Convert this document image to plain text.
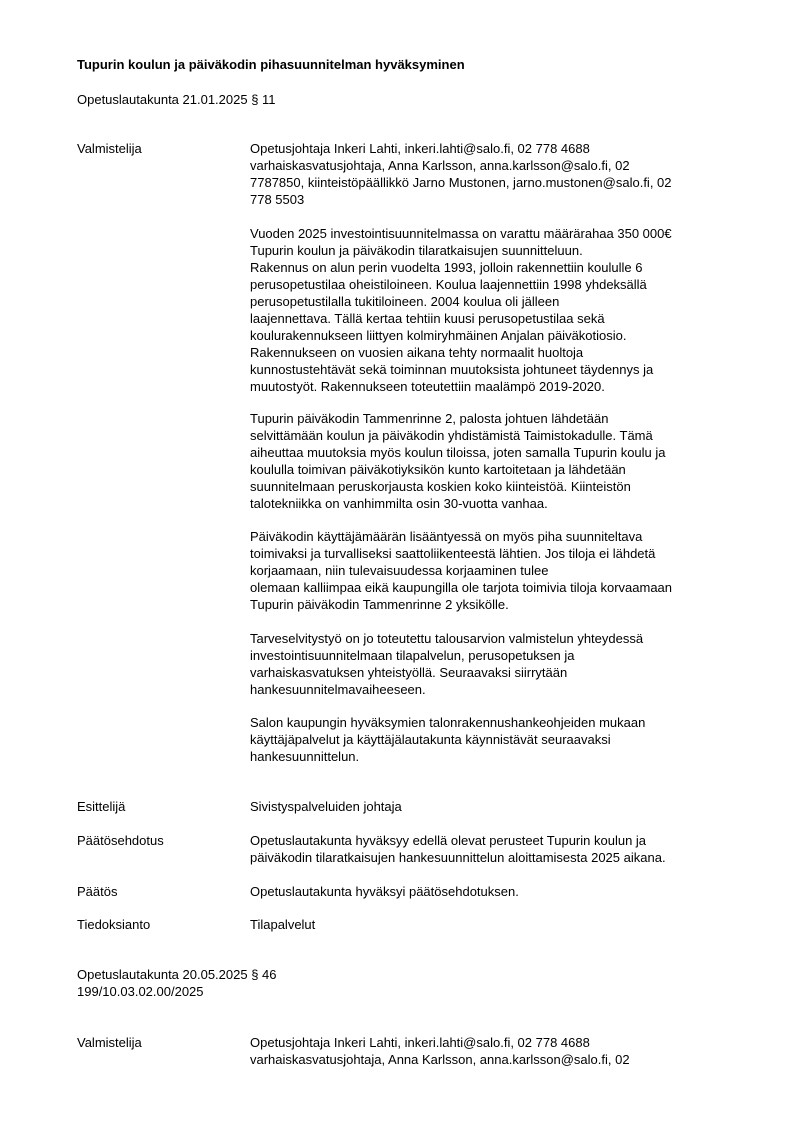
Tupurin koulun ja päiväkodin pihasuunnitelman hyväksyminen

Opetuslautakunta 21.01.2025 § 11

Valmistelija	Opetusjohtaja Inkeri Lahti, inkeri.lahti@salo.fi, 02 778 4688

varhaiskasvatusjohtaja, Anna Karlsson, anna.karlsson@salo.fi, 02

7787850, kiinteistöpäällikkö Jarno Mustonen, jarno.mustonen@salo.fi, 02

778 5503

Vuoden 2025 investointisuunnitelmassa on varattu määrärahaa 350 000€

Tupurin koulun ja päiväkodin tilaratkaisujen suunnitteluun.

Rakennus on alun perin vuodelta 1993, jolloin rakennettiin koululle 6

perusopetustilaa oheistiloineen. Koulua laajennettiin 1998 yhdeksällä

perusopetustilalla tukitiloineen. 2004 koulua oli jälleen

laajennettava. Tällä kertaa tehtiin kuusi perusopetustilaa sekä

koulurakennukseen liittyen kolmiryhmäinen Anjalan päiväkotiosio.

Rakennukseen on vuosien aikana tehty normaalit huoltoja

kunnostustehtävät sekä toiminnan muutoksista johtuneet täydennys ja

muutostyöt. Rakennukseen toteutettiin maalämpö 2019-2020.

Tupurin päiväkodin Tammenrinne 2, palosta johtuen lähdetään

selvittämään koulun ja päiväkodin yhdistämistä Taimistokadulle. Tämä

aiheuttaa muutoksia myös koulun tiloissa, joten samalla Tupurin koulu ja

koululla toimivan päiväkotiyksikön kunto kartoitetaan ja lähdetään

suunnitelmaan peruskorjausta koskien koko kiinteistöä. Kiinteistön

talotekniikka on vanhimmilta osin 30-vuotta vanhaa.

Päiväkodin käyttäjämäärän lisääntyessä on myös piha suunniteltava

toimivaksi ja turvalliseksi saattoliikenteestä lähtien. Jos tiloja ei lähdetä

korjaamaan, niin tulevaisuudessa korjaaminen tulee

olemaan kalliimpaa eikä kaupungilla ole tarjota toimivia tiloja korvaamaan

Tupurin päiväkodin Tammenrinne 2 yksikölle.

Tarveselvitystyö on jo toteutettu talousarvion valmistelun yhteydessä

investointisuunnitelmaan tilapalvelun, perusopetuksen ja

varhaiskasvatuksen yhteistyöllä. Seuraavaksi siirrytään

hankesuunnitelmavaiheeseen.

Salon kaupungin hyväksymien talonrakennushankeohjeiden mukaan

käyttäjäpalvelut ja käyttäjälautakunta käynnistävät seuraavaksi

hankesuunnittelun.

Esittelijä	Sivistyspalveluiden johtaja

Päätösehdotus	Opetuslautakunta hyväksyy edellä olevat perusteet Tupurin koulun ja

päiväkodin tilaratkaisujen hankesuunnittelun aloittamisesta 2025 aikana.

Päätös	Opetuslautakunta hyväksyi päätösehdotuksen.

Tiedoksianto	Tilapalvelut

Opetuslautakunta 20.05.2025 § 46

199/10.03.02.00/2025

Valmistelija	Opetusjohtaja Inkeri Lahti, inkeri.lahti@salo.fi, 02 778 4688

varhaiskasvatusjohtaja, Anna Karlsson, anna.karlsson@salo.fi, 02
